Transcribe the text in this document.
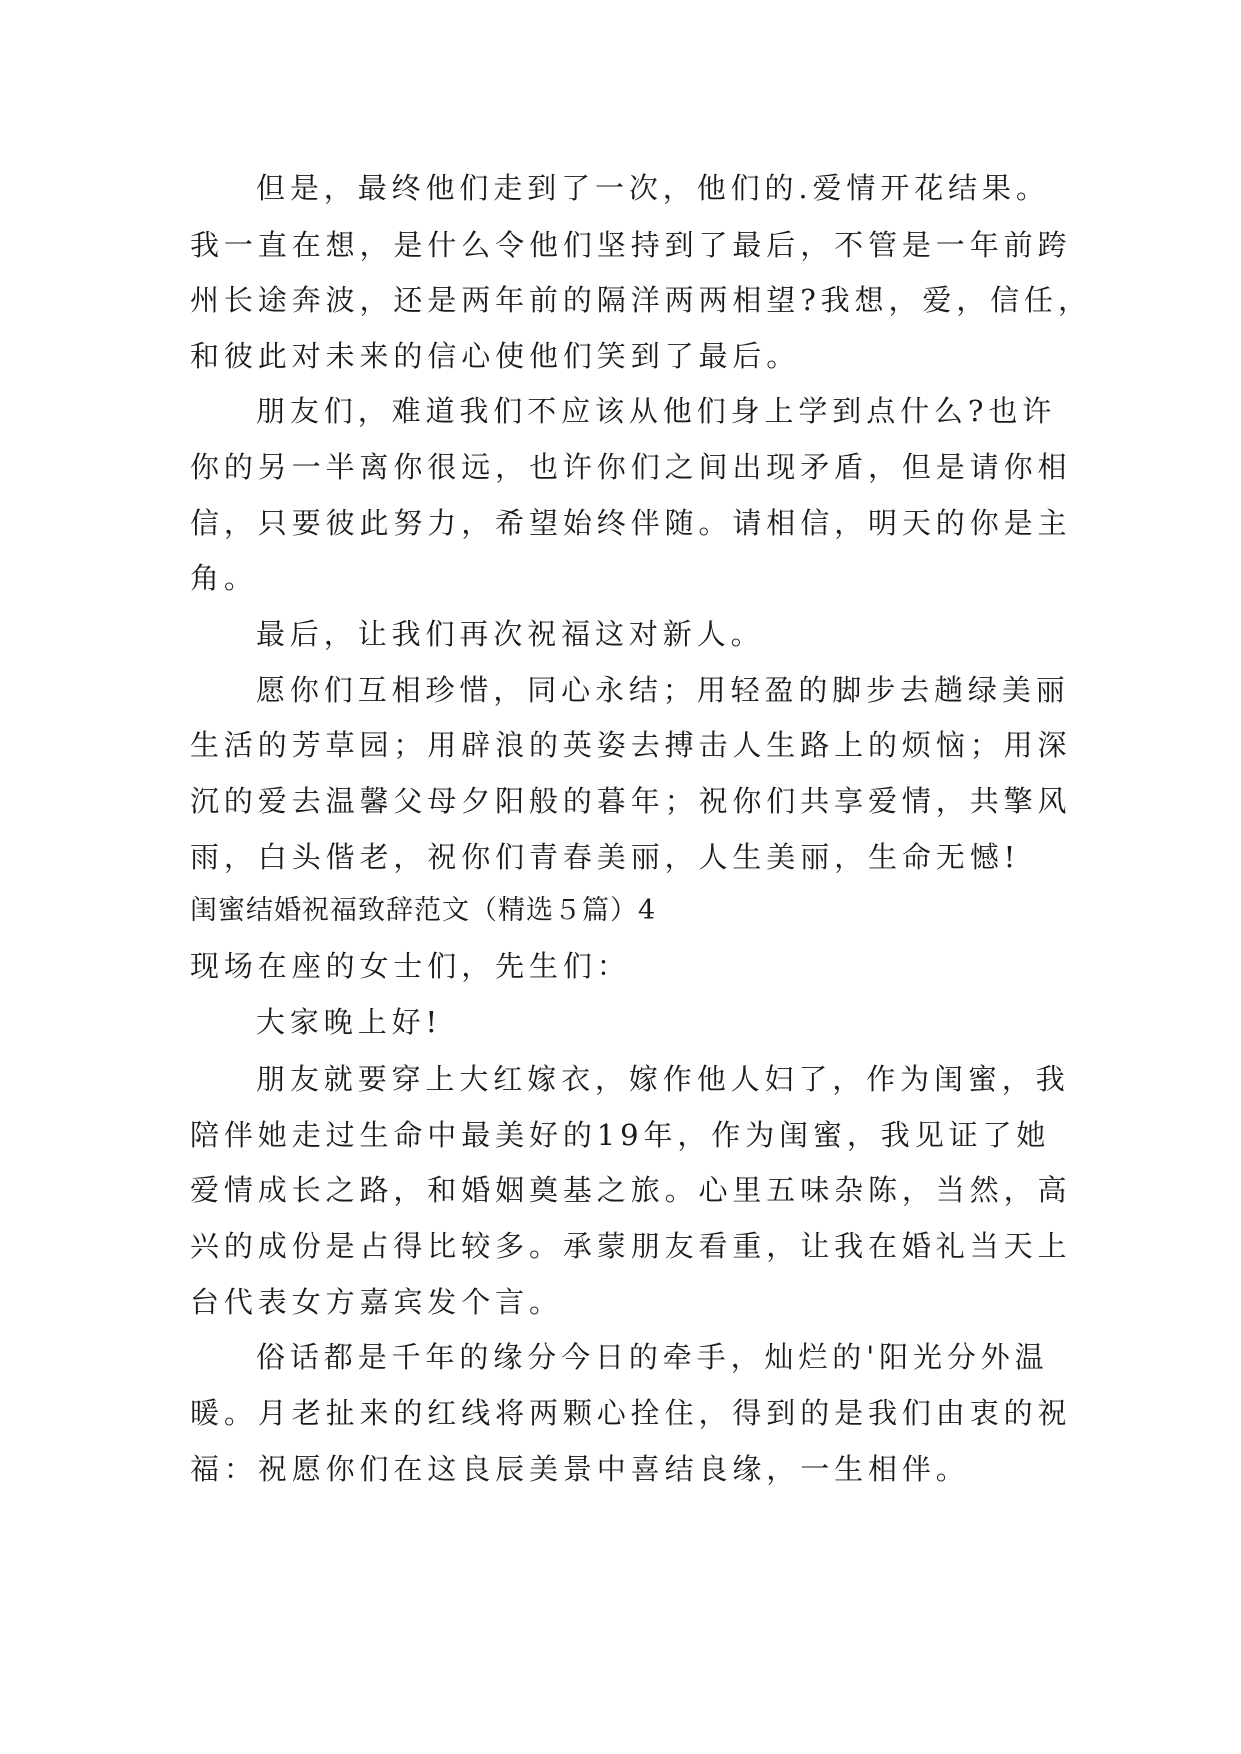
但是，最终他们走到了一次，他们的.爱情开花结果。
我一直在想，是什么令他们坚持到了最后，不管是一年前跨
州长途奔波，还是两年前的隔洋两两相望?我想，爱，信任，
和彼此对未来的信心使他们笑到了最后。
朋友们，难道我们不应该从他们身上学到点什么?也许
你的另一半离你很远，也许你们之间出现矛盾，但是请你相
信，只要彼此努力，希望始终伴随。请相信，明天的你是主
角。
最后，让我们再次祝福这对新人。
愿你们互相珍惜，同心永结；用轻盈的脚步去趟绿美丽
生活的芳草园；用辟浪的英姿去搏击人生路上的烦恼；用深
沉的爱去温馨父母夕阳般的暮年；祝你们共享爱情，共擎风
雨，白头偕老，祝你们青春美丽，人生美丽，生命无憾!
闺蜜结婚祝福致辞范文（精选５篇）4
现场在座的女士们，先生们：
大家晚上好!
朋友就要穿上大红嫁衣，嫁作他人妇了，作为闺蜜，我
陪伴她走过生命中最美好的19年，作为闺蜜，我见证了她
爱情成长之路，和婚姻奠基之旅。心里五味杂陈，当然，高
兴的成份是占得比较多。承蒙朋友看重，让我在婚礼当天上
台代表女方嘉宾发个言。
俗话都是千年的缘分今日的牵手，灿烂的'阳光分外温
暖。月老扯来的红线将两颗心拴住，得到的是我们由衷的祝
福：祝愿你们在这良辰美景中喜结良缘，一生相伴。
